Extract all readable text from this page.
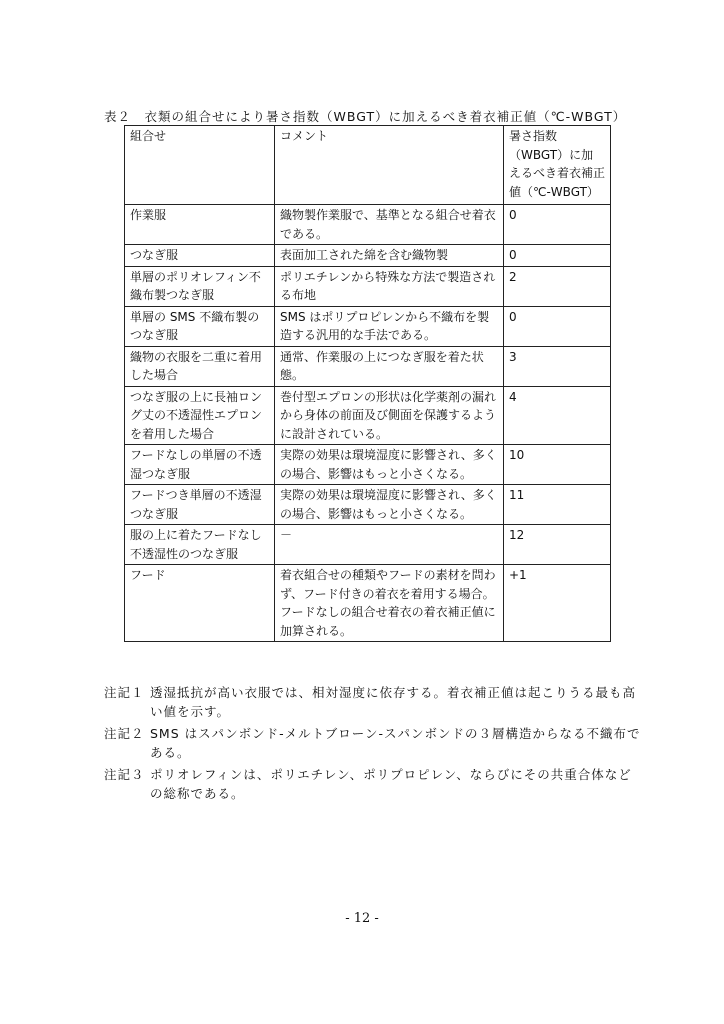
表２　衣類の組合せにより暑さ指数（WBGT）に加えるべき着衣補正値（℃-WBGT）
組合せ	コメント	暑さ指数（WBGT）に加えるべき着衣補正値（℃-WBGT）
作業服	織物製作業服で、基準となる組合せ着衣である。	0
つなぎ服	表面加工された綿を含む織物製	0
単層のポリオレフィン不織布製つなぎ服	ポリエチレンから特殊な方法で製造される布地	2
単層の SMS 不織布製のつなぎ服	SMS はポリプロピレンから不織布を製造する汎用的な手法である。	0
織物の衣服を二重に着用した場合	通常、作業服の上につなぎ服を着た状態。	3
つなぎ服の上に長袖ロング丈の不透湿性エプロンを着用した場合	巻付型エプロンの形状は化学薬剤の漏れから身体の前面及び側面を保護するように設計されている。	4
フードなしの単層の不透湿つなぎ服	実際の効果は環境湿度に影響され、多くの場合、影響はもっと小さくなる。	10
フードつき単層の不透湿つなぎ服	実際の効果は環境湿度に影響され、多くの場合、影響はもっと小さくなる。	11
服の上に着たフードなし不透湿性のつなぎ服	－	12
フード	着衣組合せの種類やフードの素材を問わず、フード付きの着衣を着用する場合。フードなしの組合せ着衣の着衣補正値に加算される。	+1
注記１ 透湿抵抗が高い衣服では、相対湿度に依存する。着衣補正値は起こりうる最も高い値を示す。
注記２ SMS はスパンボンド-メルトブローン-スパンボンドの３層構造からなる不織布である。
注記３ ポリオレフィンは、ポリエチレン、ポリプロピレン、ならびにその共重合体などの総称である。
- 12 -
